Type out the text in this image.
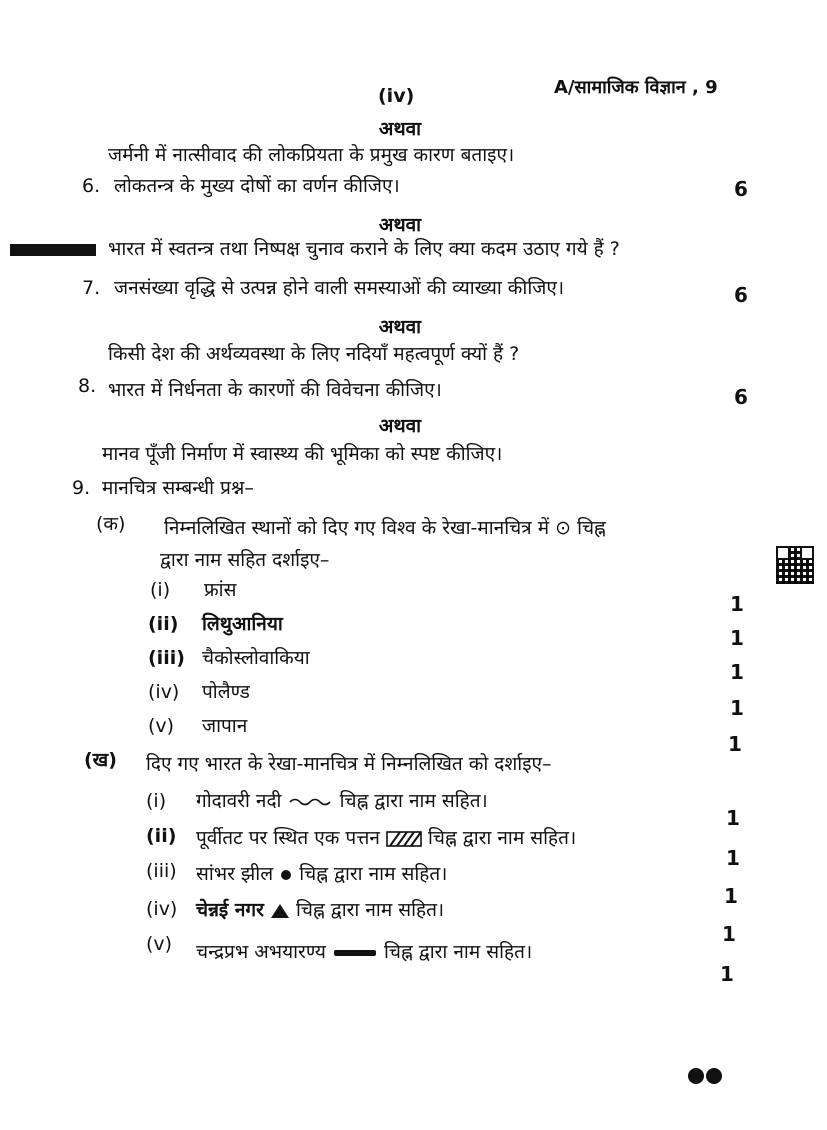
(iv)	A/सामाजिक विज्ञान , 9
अथवा
जर्मनी में नात्सीवाद की लोकप्रियता के प्रमुख कारण बताइए।
6. लोकतन्त्र के मुख्य दोषों का वर्णन कीजिए।	6
अथवा
भारत में स्वतन्त्र तथा निष्पक्ष चुनाव कराने के लिए क्या कदम उठाए गये हैं ?
7. जनसंख्या वृद्धि से उत्पन्न होने वाली समस्याओं की व्याख्या कीजिए।	6
अथवा
किसी देश की अर्थव्यवस्था के लिए नदियाँ महत्वपूर्ण क्यों हैं ?
8. भारत में निर्धनता के कारणों की विवेचना कीजिए।	6
अथवा
मानव पूँजी निर्माण में स्वास्थ्य की भूमिका को स्पष्ट कीजिए।
9. मानचित्र सम्बन्धी प्रश्न–
(क) निम्नलिखित स्थानों को दिए गए विश्व के रेखा-मानचित्र में ⊙ चिह्न
द्वारा नाम सहित दर्शाइए–
(i) फ्रांस
1
(ii) लिथुआनिया
1
(iii) चैकोस्लोवाकिया
1
(iv) पोलैण्ड
1
(v) जापान
1
(ख) दिए गए भारत के रेखा-मानचित्र में निम्नलिखित को दर्शाइए–
(i) गोदावरी नदी	चिह्न द्वारा नाम सहित।
1
(ii) पूर्वीतट पर स्थित एक पत्तन	चिह्न द्वारा नाम सहित।
1
(iii) सांभर झील चिह्न द्वारा नाम सहित।
1
(iv) चेन्नई नगर चिह्न द्वारा नाम सहित।
1
(v) चन्द्रप्रभ अभयारण्य	चिह्न द्वारा नाम सहित।
1
